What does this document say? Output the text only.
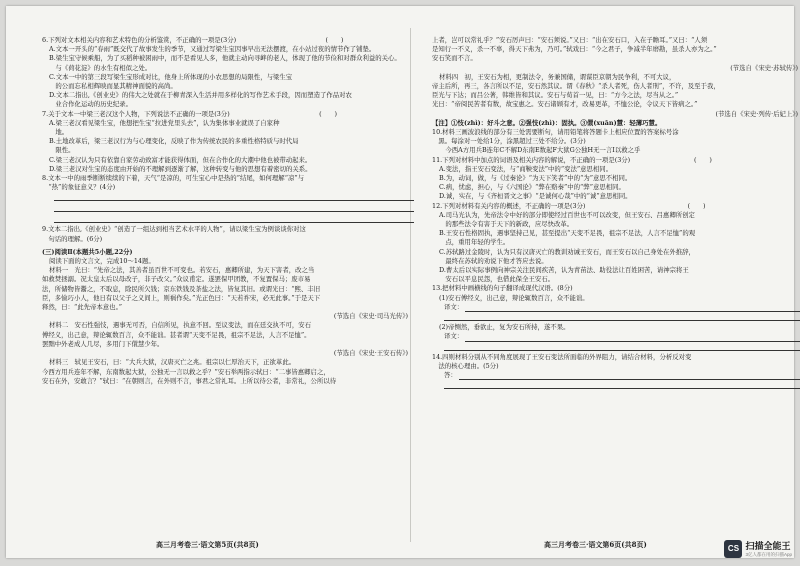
6.下列对文本相关内容和艺术特色的分析鉴赏，不正确的一项是(3分)　　　　　　　　　　　　　　(　　)
A.文本一开头的“春雨”既交代了故事发生的季节，又通过写梁生宝因事早出无法摆渡，在小站过夜的情节作了铺垫。
B.梁生宝守候乘船，为了买稻种被困雨中，而不是看见人多，他就主动向寻衅的老人，体现了他的节俭和对群众利益的关心。
　与《荷花淀》的水生有相似之处。
C.文本一中的第三段写梁生宝形成对比，他身上所体现的小农思想的局限性，与梁生宝
　的公而忘私相辉映而显其精神面貌的高尚。
D.文本二指出,《创业史》的伟大之处就在于柳青深入生活并用多样化的写作艺术手段，因而塑造了作品对农
　业合作化运动的历史纪录。
7.关于文本一中梁三老汉这个人物，下列说法不正确的一项是(3分)　　　　　　　　　　　　　　(　　)
A.梁三老汉看见梁生宝，他想把生宝“拉进党里头去”，认为集体事业就误了自家种
　地。
B.土地改革后，梁三老汉行为与心理变化，反映了作为传统农民的多重性格特质与时代局
　限性。
C.梁三老汉认为只有依靠自家劳动致富才能获得体面，但在合作化的大潮中他也被带动起来。
D.梁三老汉对生宝的态度由开始的不理解到逐渐了解，这种转变与他的思想有着密切的关系。
8.文本一中的雨季断断续续的下着，天气“是凉的，可生宝心中是热的”结尾，如何理解“凉”与
　“热”的象征意义？(4分)
9.文本二指出,《创业史》“创造了一组达到相当艺术水平的人物”，请以梁生宝为例谈谈你对这
　句话的理解。(6分)
(三)阅读Ⅱ(本题共5小题,22分)
阅读下面的文言文，完成10～14题。
材料一　光曰：“先帝之法，其善者虽百世不可变也。若安石，惠卿所建，为天下害者，改之当
如救焚拯溺。况太皇太后以母改子，非子改父。”众议甫定。遂罢保甲团教，不复置保马；废市易
法，所储物皆鬻之，不取息，除民所欠钱；京东铁钱及茶盐之法，皆复其旧。或谓光曰：“熙、丰旧
臣，多憸巧小人，他日有以父子之义间上，则祸作矣。”光正色曰：“天若祚宋，必无此事。”于是天下
释然，曰：“此先帝本意也。”
(节选自《宋史·司马光传》)
材料二　安石性强忮，遇事无可否，自信所见，执意不回。至议变法，而在廷交执不可，安石
傅经义，出己意，辩论辄数百言，众不能诎。甚者谓“天变不足畏，祖宗不足法，人言不足恤”。
罢黜中外老成人几尽，多用门下儇慧少年。
(节选自《宋史·王安石传》)
材料三　轼见王安石，曰：“大兵大狱，汉唐灭亡之兆。祖宗以仁厚治天下，正欲革此。
今西方用兵连年不解，东南数起大狱，公独无一言以救之乎？”安石举两指示轼曰：“二事皆惠卿启之，
安石在外，安敢言？”轼曰：“在朝则言，在外则不言，事君之常礼耳。上所以待公者，非常礼，公所以待
上者，岂可以常礼乎？”安石厉声曰：“安石须说。”又曰：“出在安石口，入在子瞻耳。”又曰：“人须
是知行一不义，杀一不辜，得天下弗为，乃可。”轼戏曰：“今之君子，争减半年磨勘，虽杀人亦为之。”
安石笑而不言。
(节选自《宋史·苏轼传》)
材料四　初，王安石为相，更制法令，务兼国储，谓谋臣京朝为民争利，不可大议，
帝主后所，再三，各言所以不足，安石然其议。谓《春秋》“杀人者死，伤人者刑”，不许，及至于我，
臣光与下达；而吕公著，韩维皆和其议。安石与荀首一见，曰：“方今之法，尽当从之。”
光曰：“帝阅民苦者有数，故宝惠之。安石诸顾有才，改易更革，不恤公论，令议天下皆病之。”
(节选自《宋史·列传·后妃上》)
【注】①忮(zhì)：好斗之意。②强忮(zhì)：固执。③儇(xuān)慧：轻薄巧慧。
10.材料三画波浪线的部分有三处需要断句，请用铅笔将答题卡上相应位置的答案标号涂
　黑。每涂对一处给1分，涂黑超过三处不给分。(3分)
　今西A方用兵B连年C不解D东南E数起F大狱G公独H无一言I以救之乎
11.下列对材料中加点的词语及相关内容的解说，不正确的一项是(3分)　　　　　　　　　　(　　)
A.变法，指王安石变法，与“商鞅变法”中的“变法”意思相同。
B.为，动词，做，与《过秦论》“为天下笑者”中的“为”意思不相同。
C.病，忧虑，担心，与《六国论》“弊在赂秦”中的“弊”意思相同。
D.诚，实在，与《齐桓晋文之事》“是诚何心哉”中的“诚”意思相同。
12.下列对材料有关内容的概述，不正确的一项是(3分)　　　　　　　　　　　　　　　　(　　)
A.司马光认为，先帝法令中好的部分即使经过百世也不可以改变，但王安石、吕惠卿所创定
　的那些法令有害于天下的新政，应尽快改革。
B.王安石性格固执，遇事坚持己见，甚至提出“天变不足畏，祖宗不足法，人言不足恤”的观
　点，重用年轻的学生。
C.苏轼路过金陵时，认为只有汉唐灭亡的教训劝诫王安石，而王安石以自己身处在外推辞，
　最终在苏轼的劝说下他才答应去说。
D.曹太后以实际事例向神宗关注民间疾苦，认为青苗法、助役法让百姓困苦，请神宗将王
　安石以平息民怨，也借此保全王安石。
13.把材料中画横线的句子翻译成现代汉语。(8分)
(1)安石傅经义，出己意，辩论辄数百言，众不能诎。
译文：
(2)帝恻然，垂欲止，复为安石所持，遂不果。
译文：
14.四则材料分别从不同角度展现了王安石变法所面临的外界阻力，请结合材料，分析反对变
　法的核心理由。(5分)
答：
高三月考卷三·语文第5页(共8页)	高三月考卷三·语文第6页(共8页)	CS 扫描全能王
3亿人都在用的扫描App
